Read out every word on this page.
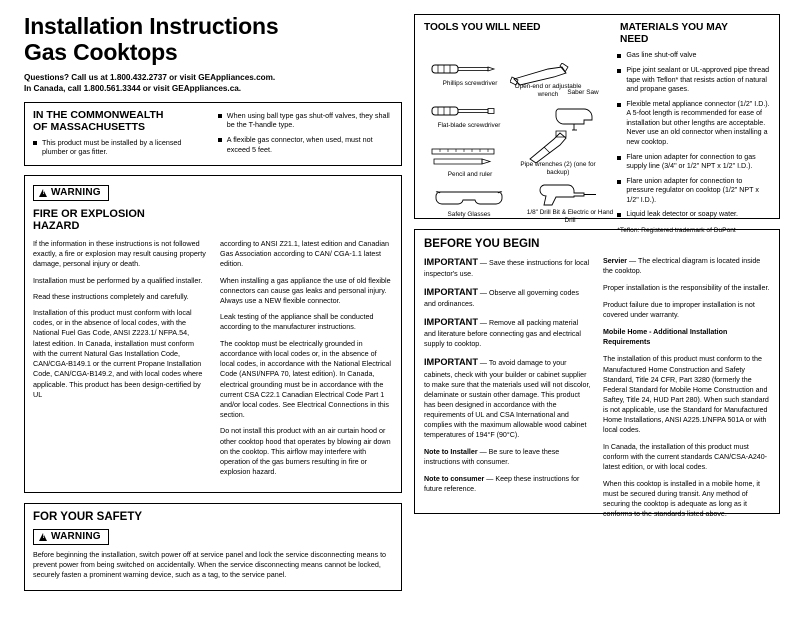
Installation Instructions
Gas Cooktops
Questions? Call us at 1.800.432.2737 or visit GEAppliances.com.
In Canada, call 1.800.561.3344 or visit GEAppliances.ca.
IN THE COMMONWEALTH
OF MASSACHUSETTS
This product must be installed by a licensed plumber or gas fitter.
When using ball type gas shut-off valves, they shall be the T-handle type.
A flexible gas connector, when used, must not exceed 5 feet.
!WARNING
FIRE OR EXPLOSION
HAZARD

If the information in these instructions is not followed exactly, a fire or explosion may result causing property damage, personal injury or death.

Installation must be performed by a qualified installer.

Read these instructions completely and carefully.

Installation of this product must conform with local codes, or in the absence of local codes, with the National Fuel Gas Code, ANSI Z223.1/ NFPA.54, latest edition. In Canada, installation must conform with the current Natural Gas Installation Code, CAN/CGA-B149.1 or the current Propane Installation Code, CAN/CGA-B149.2, and with local codes where applicable. This product has been design-certified by UL

according to ANSI Z21.1, latest edition and Canadian Gas Association according to CAN/ CGA-1.1 latest edition.

When installing a gas appliance the use of old flexible connectors can cause gas leaks and personal injury. Always use a NEW flexible connector.

Leak testing of the appliance shall be conducted according to the manufacturer instructions.

The cooktop must be electrically grounded in accordance with local codes or, in the absence of local codes, in accordance with the National Electrical Code (ANSI/NFPA 70, latest edition). In Canada, electrical grounding must be in accordance with the current CSA C22.1 Canadian Electrical Code Part 1 and/or local codes. See Electrical Connections in this section.

Do not install this product with an air curtain hood or other cooktop hood that operates by blowing air down on the cooktop. This airflow may interfere with operation of the gas burners resulting in fire or explosion hazard.

FOR YOUR SAFETY
!WARNING
Before beginning the installation, switch power off at service panel and lock the service disconnecting means to prevent power from being switched on accidentally. When the service disconnecting means cannot be locked, securely fasten a prominent warning device, such as a tag, to the service panel.
TOOLS YOU WILL NEED	MATERIALS YOU MAY
NEED
Phillips screwdriver
Flat-blade screwdriver
Pencil and ruler
Safety Glasses
Open-end or adjustable wrench	Saber Saw
Pipe wrenches (2) (one for backup)
1/8" Drill Bit & Electric or Hand Drill
Gas line shut-off valve
Pipe joint sealant or UL-approved pipe thread tape with Teflon* that resists action of natural and propane gases.
Flexible metal appliance connector (1/2" I.D.). A 5-foot length is recommended for ease of installation but other lengths are acceptable. Never use an old connector when installing a new cooktop.
Flare union adapter for connection to gas supply line (3/4" or 1/2" NPT x 1/2" I.D.).
Flare union adapter for connection to pressure regulator on cooktop (1/2" NPT x 1/2" I.D.).
Liquid leak detector or soapy water.
*Teflon: Registered trademark of DuPont
BEFORE YOU BEGIN

IMPORTANT — Save these instructions for local inspector's use.

IMPORTANT — Observe all governing codes and ordinances.

IMPORTANT — Remove all packing material and literature before connecting gas and electrical supply to cooktop.

IMPORTANT — To avoid damage to your cabinets, check with your builder or cabinet supplier to make sure that the materials used will not discolor, delaminate or sustain other damage. This product has been designed in accordance with the requirements of UL and CSA International and complies with the maximum allowable wood cabinet temperatures of 194°F (90°C).

Note to Installer — Be sure to leave these instructions with consumer.

Note to consumer — Keep these instructions for future reference.

Servier — The electrical diagram is located inside the cooktop.

Proper installation is the responsibility of the installer.

Product failure due to improper installation is not covered under warranty.

Mobile Home - Additional Installation Requirements

The installation of this product must conform to the Manufactured Home Construction and Safety Standard, Title 24 CFR, Part 3280 (formerly the Federal Standard for Mobile Home Construction and Saftey, Title 24, HUD Part 280). When such standard is not applicable, use the Standard for Manufactured Home Installations, ANSI A225.1/NFPA 501A or with local codes.

In Canada, the installation of this product must conform with the current standards CAN/CSA-A240-latest edition, or with local codes.

When this cooktop is installed in a mobile home, it must be secured during transit. Any method of securing the cooktop is adequate as long as it conforms to the standards listed above.
